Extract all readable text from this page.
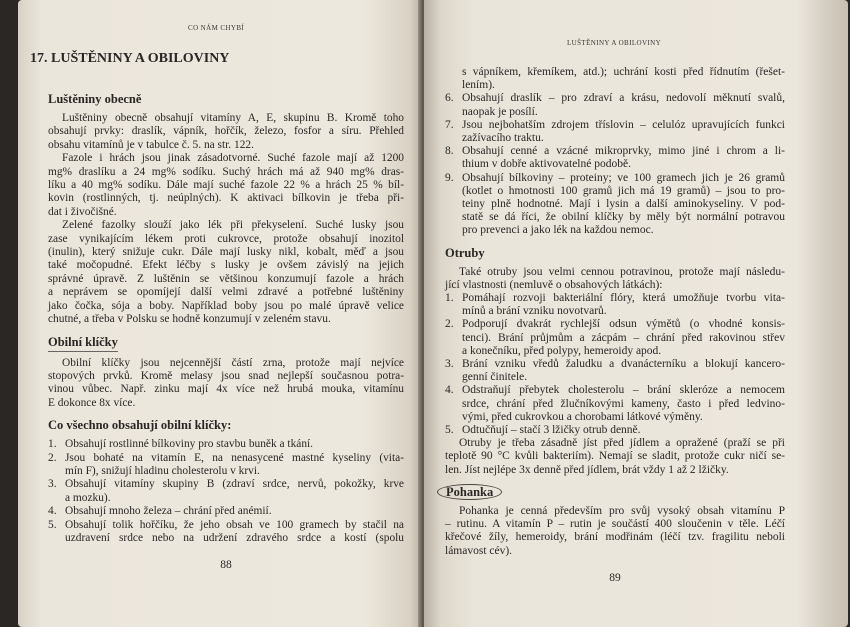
CO NÁM CHYBÍ
17. LUŠTĚNINY A OBILOVINY
Luštěniny obecně
Luštěniny obecně obsahují vitamíny A, E, skupinu B. Kromě toho
obsahují prvky: draslík, vápník, hořčík, železo, fosfor a síru. Přehled
obsahu vitamínů je v tabulce č. 5. na str. 122.
Fazole i hrách jsou jinak zásadotvorné. Suché fazole mají až 1200
mg% draslíku a 24 mg% sodíku. Suchý hrách má až 940 mg% dras-
líku a 40 mg% sodíku. Dále mají suché fazole 22 % a hrách 25 % bíl-
kovin (rostlinných, tj. neúplných). K aktivaci bílkovin je třeba při-
dat i živočišné.
Zelené fazolky slouží jako lék při překyselení. Suché lusky jsou
zase vynikajícím lékem proti cukrovce, protože obsahují inozitol
(inulin), který snižuje cukr. Dále mají lusky nikl, kobalt, měď a jsou
také močopudné. Efekt léčby s lusky je ovšem závislý na jejich
správné úpravě. Z luštěnin se většinou konzumují fazole a hrách
a neprávem se opomíjejí další velmi zdravé a potřebné luštěniny
jako čočka, sója a boby. Například boby jsou po malé úpravě velice
chutné, a třeba v Polsku se hodně konzumují v zeleném stavu.
Obilní klíčky
Obilní klíčky jsou nejcennější částí zrna, protože mají nejvíce
stopových prvků. Kromě melasy jsou snad nejlepší současnou potra-
vinou vůbec. Např. zinku mají 4x více než hrubá mouka, vitamínu
E dokonce 8x více.
Co všechno obsahují obilní klíčky:
1. Obsahují rostlinné bílkoviny pro stavbu buněk a tkání.
2. Jsou bohaté na vitamín E, na nenasycené mastné kyseliny (vita-
mín F), snižují hladinu cholesterolu v krvi.
3. Obsahují vitamíny skupiny B (zdraví srdce, nervů, pokožky, krve
a mozku).
4. Obsahují mnoho železa – chrání před anémií.
5. Obsahují tolik hořčíku, že jeho obsah ve 100 gramech by stačil na
uzdravení srdce nebo na udržení zdravého srdce a kostí (spolu
88
LUŠTĚNINY A OBILOVINY
s vápníkem, křemíkem, atd.); uchrání kosti před řídnutím (řešet-
lením).
6. Obsahují draslík – pro zdraví a krásu, nedovolí měknutí svalů,
naopak je posílí.
7. Jsou nejbohatším zdrojem tříslovin – celulóz upravujících funkci
zažívacího traktu.
8. Obsahují cenné a vzácné mikroprvky, mimo jiné i chrom a li-
thium v dobře aktivovatelné podobě.
9. Obsahují bílkoviny – proteiny; ve 100 gramech jich je 26 gramů
(kotlet o hmotnosti 100 gramů jich má 19 gramů) – jsou to pro-
teiny plně hodnotné. Mají i lysin a další aminokyseliny. V pod-
statě se dá říci, že obilní klíčky by měly být normální potravou
pro prevenci a jako lék na každou nemoc.
Otruby
Také otruby jsou velmi cennou potravinou, protože mají následu-
jící vlastnosti (nemluvě o obsahových látkách):
1. Pomáhají rozvoji bakteriální flóry, která umožňuje tvorbu vita-
mínů a brání vzniku novotvarů.
2. Podporují dvakrát rychlejší odsun výmětů (o vhodné konsis-
tenci). Brání průjmům a zácpám – chrání před rakovinou střev
a konečníku, před polypy, hemeroidy apod.
3. Brání vzniku vředů žaludku a dvanácterníku a blokují kancero-
genní činitele.
4. Odstraňují přebytek cholesterolu – brání skleróze a nemocem
srdce, chrání před žlučníkovými kameny, často i před ledvino-
vými, před cukrovkou a chorobami látkové výměny.
5. Odtučňují – stačí 3 lžičky otrub denně.
Otruby je třeba zásadně jíst před jídlem a opražené (praží se při
teplotě 90 °C kvůli bakteriím). Nemají se sladit, protože cukr ničí se-
len. Jíst nejlépe 3x denně před jídlem, brát vždy 1 až 2 lžičky.
Pohanka
Pohanka je cenná především pro svůj vysoký obsah vitamínu P
– rutinu. A vitamín P – rutin je součástí 400 sloučenin v těle. Léčí
křečové žíly, hemeroidy, brání modřinám (léčí tzv. fragilitu neboli
lámavost cév).
89
